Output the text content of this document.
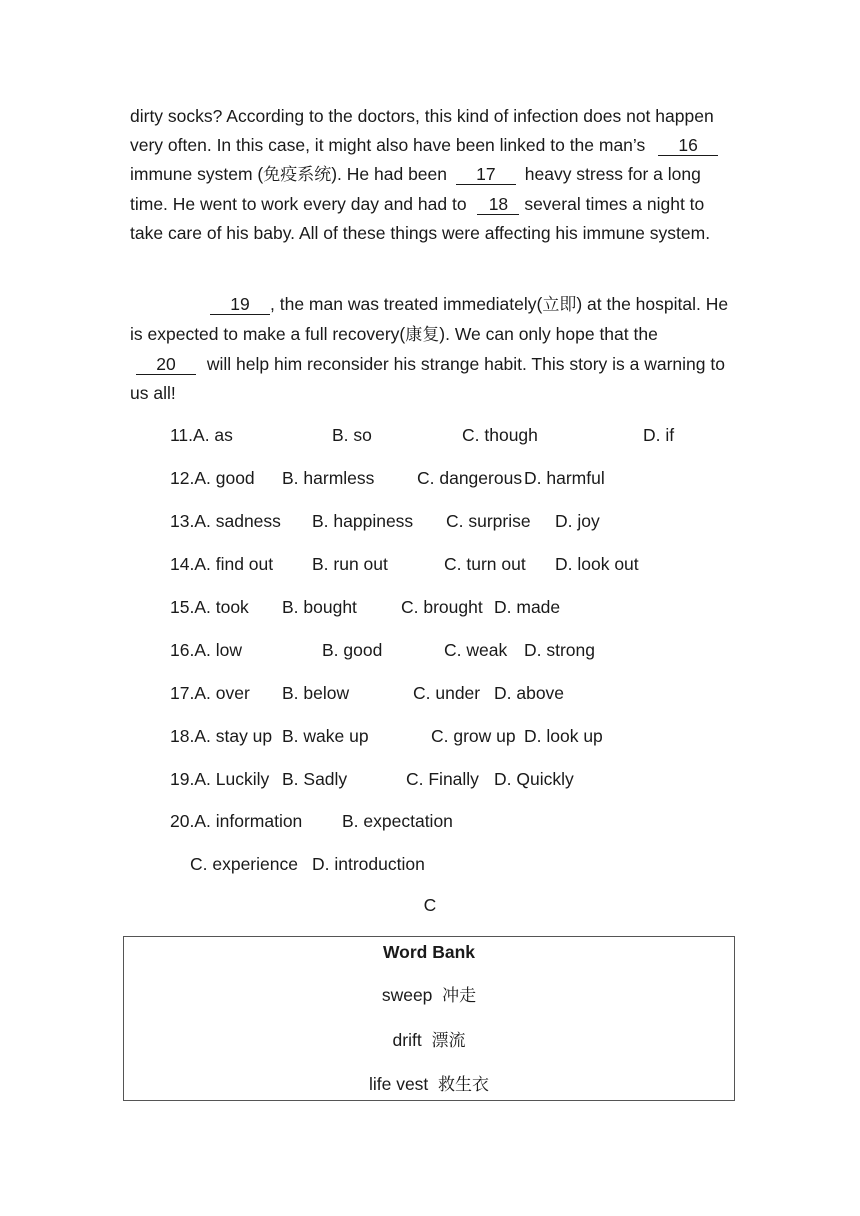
dirty socks? According to the doctors, this kind of infection does not happen very often. In this case, it might also have been linked to the man’s 16 immune system (免疫系统). He had been 17 heavy stress for a long time. He went to work every day and had to 18 several times a night to take care of his baby. All of these things were affecting his immune system.
19 , the man was treated immediately(立即) at the hospital. He is expected to make a full recovery(康复). We can only hope that the 20 will help him reconsider his strange habit. This story is a warning to us all!
11.A. as	B. so	C. though	D. if
12.A. good B. harmless C. dangerous D. harmful
13.A. sadness B. happiness C. surprise D. joy
14.A. find out B. run out	C. turn out D. look out
15.A. took B. bought	C. brought D. made
16.A. low	B. good	C. weak D. strong
17.A. over B. below	C. under D. above
18.A. stay up B. wake up	C. grow up D. look up
19.A. Luckily B. Sadly	C. Finally D. Quickly
20.A. information B. expectation
C. experience D. introduction
C
Word Bank
sweep 冲走
drift 漂流
life vest 救生衣
